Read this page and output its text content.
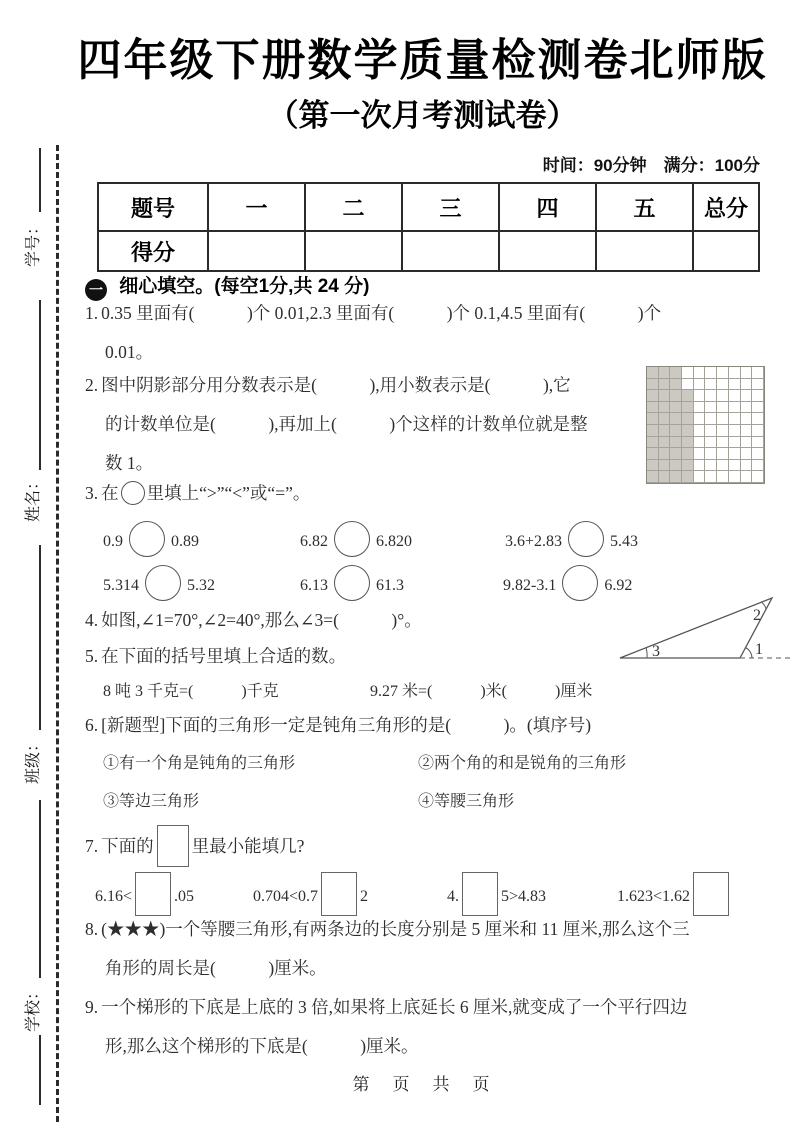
学号：
姓名：
班级：
学校：
四年级下册数学质量检测卷北师版
（第一次月考测试卷）
时间：90分钟　满分：100分
题号	一	二	三	四	五	总分
得分						
一 细心填空。(每空1分,共 24 分)
1. 0.35 里面有(　　　)个 0.01,2.3 里面有(　　　)个 0.1,4.5 里面有(　　　)个
0.01。
2. 图中阴影部分用分数表示是(　　　),用小数表示是(　　　),它
的计数单位是(　　　),再加上(　　　)个这样的计数单位就是整
数 1。
3. 在 里填上“>”“<”或“=”。
0.9	0.89	6.82	6.820	3.6+2.83	5.43
5.314	5.32	6.13	61.3	9.82-3.1	6.92
4. 如图,∠1=70°,∠2=40°,那么∠3=(　　　)°。
3
2
1
5. 在下面的括号里填上合适的数。
8 吨 3 千克=(　　　)千克	9.27 米=(　　　)米(　　　)厘米
6. [新题型]下面的三角形一定是钝角三角形的是(　　　)。(填序号)
①有一个角是钝角的三角形	②两个角的和是锐角的三角形
③等边三角形	④等腰三角形
7. 下面的 里最小能填几?
6.16<	.05	0.704<0.7	2	4.	5>4.83	1.623<1.62
8. (★★★)一个等腰三角形,有两条边的长度分别是 5 厘米和 11 厘米,那么这个三
角形的周长是(　　　)厘米。
9. 一个梯形的下底是上底的 3 倍,如果将上底延长 6 厘米,就变成了一个平行四边
形,那么这个梯形的下底是(　　　)厘米。
第　页　共　页
